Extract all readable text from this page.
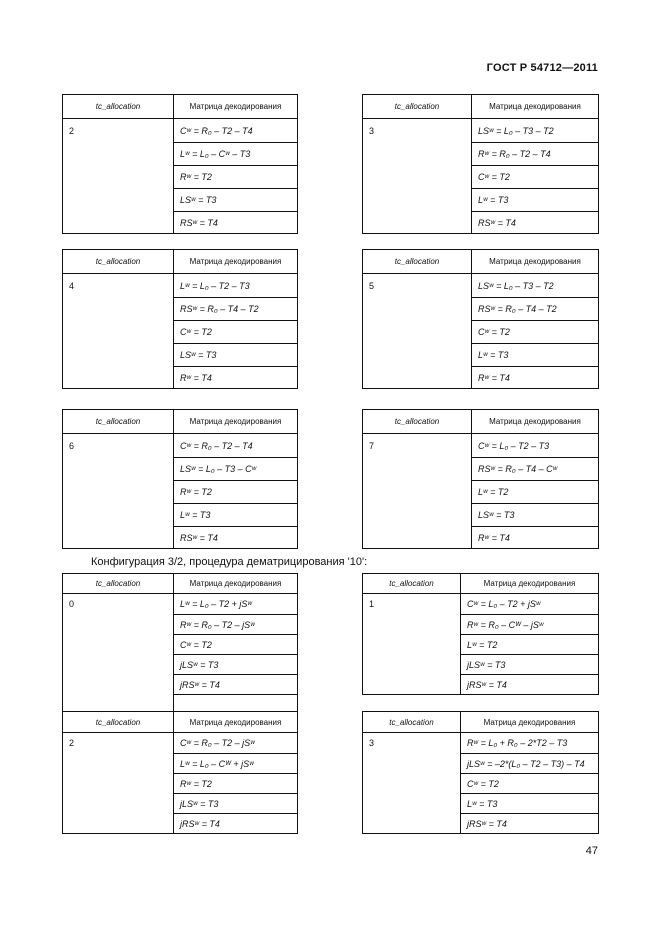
ГОСТ Р 54712—2011
tc_allocation	Матрица декодирования
2	Cʷ = R₀ – T2 – T4
Lʷ = L₀ – Cʷ – T3
Rʷ = T2
LSʷ = T3
RSʷ = T4
tc_allocation	Матрица декодирования
3	LSʷ = L₀ – T3 – T2
Rʷ = R₀ – T2 – T4
Cʷ = T2
Lʷ = T3
RSʷ = T4
tc_allocation	Матрица декодирования
4	Lʷ = L₀ – T2 – T3
RSʷ = R₀ – T4 – T2
Cʷ = T2
LSʷ = T3
Rʷ = T4
tc_allocation	Матрица декодирования
5	LSʷ = L₀ – T3 – T2
RSʷ = R₀ – T4 – T2
Cʷ = T2
Lʷ = T3
Rʷ = T4
tc_allocation	Матрица декодирования
6	Cʷ = R₀ – T2 – T4
LSʷ = L₀ – T3 – Cʷ
Rʷ = T2
Lʷ = T3
RSʷ = T4
tc_allocation	Матрица декодирования
7	Cʷ = L₀ – T2 – T3
RSʷ = R₀ – T4 – Cʷ
Lʷ = T2
LSʷ = T3
Rʷ = T4
Конфигурация 3/2, процедура дематрицирования '10':
tc_allocation	Матрица декодирования
0	Lʷ = L₀ – T2 + jSʷ
Rʷ = R₀ – T2 – jSʷ
Cʷ = T2
jLSʷ = T3
jRSʷ = T4
tc_allocation	Матрица декодирования
1	Cʷ = L₀ – T2 + jSʷ
Rʷ = R₀ – Cᵂ – jSʷ
Lʷ = T2
jLSʷ = T3
jRSʷ = T4
tc_allocation	Матрица декодирования
2	Cʷ = R₀ – T2 – jSʷ
Lʷ = L₀ – Cᵂ + jSʷ
Rʷ = T2
jLSʷ = T3
jRSʷ = T4
tc_allocation	Матрица декодирования
3	Rʷ = L₀ + R₀ – 2*T2 – T3
jLSʷ = –2*(L₀ – T2 – T3) – T4
Cʷ = T2
Lʷ = T3
jRSʷ = T4
47
